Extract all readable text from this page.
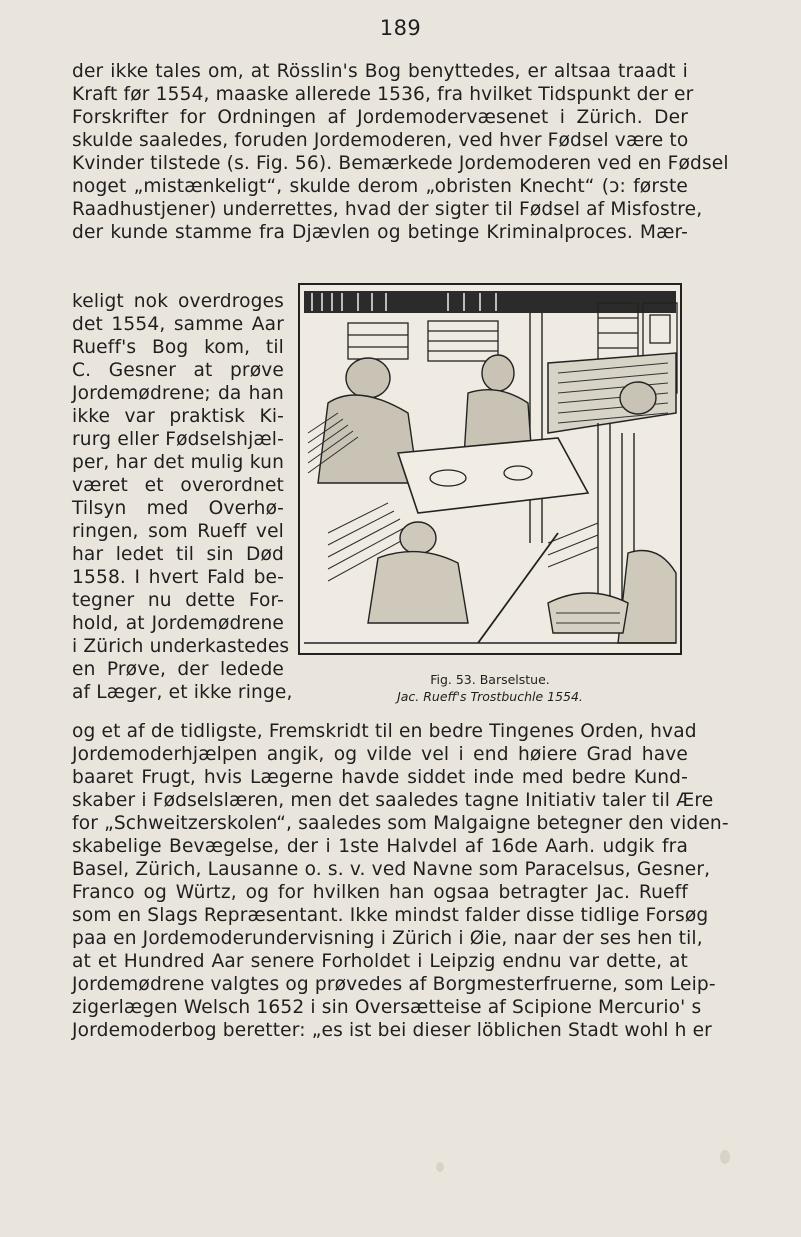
189
der ikke tales om, at Rösslin's Bog benyttedes, er altsaa traadt i
Kraft før 1554, maaske allerede 1536, fra hvilket Tidspunkt der er
Forskrifter for Ordningen af Jordemodervæsenet i Zürich. Der
skulde saaledes, foruden Jordemoderen, ved hver Fødsel være to
Kvinder tilstede (s. Fig. 56). Bemærkede Jordemoderen ved en Fødsel
noget „mistænkeligt“, skulde derom „obristen Knecht“ (ɔ: første
Raadhustjener) underrettes, hvad der sigter til Fødsel af Misfostre,
der kunde stamme fra Djævlen og betinge Kriminalproces. Mær-
keligt nok overdroges
det 1554, samme Aar
Rueff's Bog kom, til
C. Gesner at prøve
Jordemødrene; da han
ikke var praktisk Ki-
rurg eller Fødselshjæl-
per, har det mulig kun
været et overordnet
Tilsyn med Overhø-
ringen, som Rueff vel
har ledet til sin Død
1558. I hvert Fald be-
tegner nu dette For-
hold, at Jordemødrene
i Zürich underkastedes
en Prøve, der ledede
af Læger, et ikke ringe,
Fig. 53. Barselstue.
Jac. Rueff's Trostbuchle 1554.
og et af de tidligste, Fremskridt til en bedre Tingenes Orden, hvad
Jordemoderhjælpen angik, og vilde vel i end høiere Grad have
baaret Frugt, hvis Lægerne havde siddet inde med bedre Kund-
skaber i Fødselslæren, men det saaledes tagne Initiativ taler til Ære
for „Schweitzerskolen“, saaledes som Malgaigne betegner den viden-
skabelige Bevægelse, der i 1ste Halvdel af 16de Aarh. udgik fra
Basel, Zürich, Lausanne o. s. v. ved Navne som Paracelsus, Gesner,
Franco og Würtz, og for hvilken han ogsaa betragter Jac. Rueff
som en Slags Repræsentant. Ikke mindst falder disse tidlige Forsøg
paa en Jordemoderundervisning i Zürich i Øie, naar der ses hen til,
at et Hundred Aar senere Forholdet i Leipzig endnu var dette, at
Jordemødrene valgtes og prøvedes af Borgmesterfruerne, som Leip-
zigerlægen Welsch 1652 i sin Oversætteise af Scipione Mercurio' s
Jordemoderbog beretter: „es ist bei dieser löblichen Stadt wohl h er
